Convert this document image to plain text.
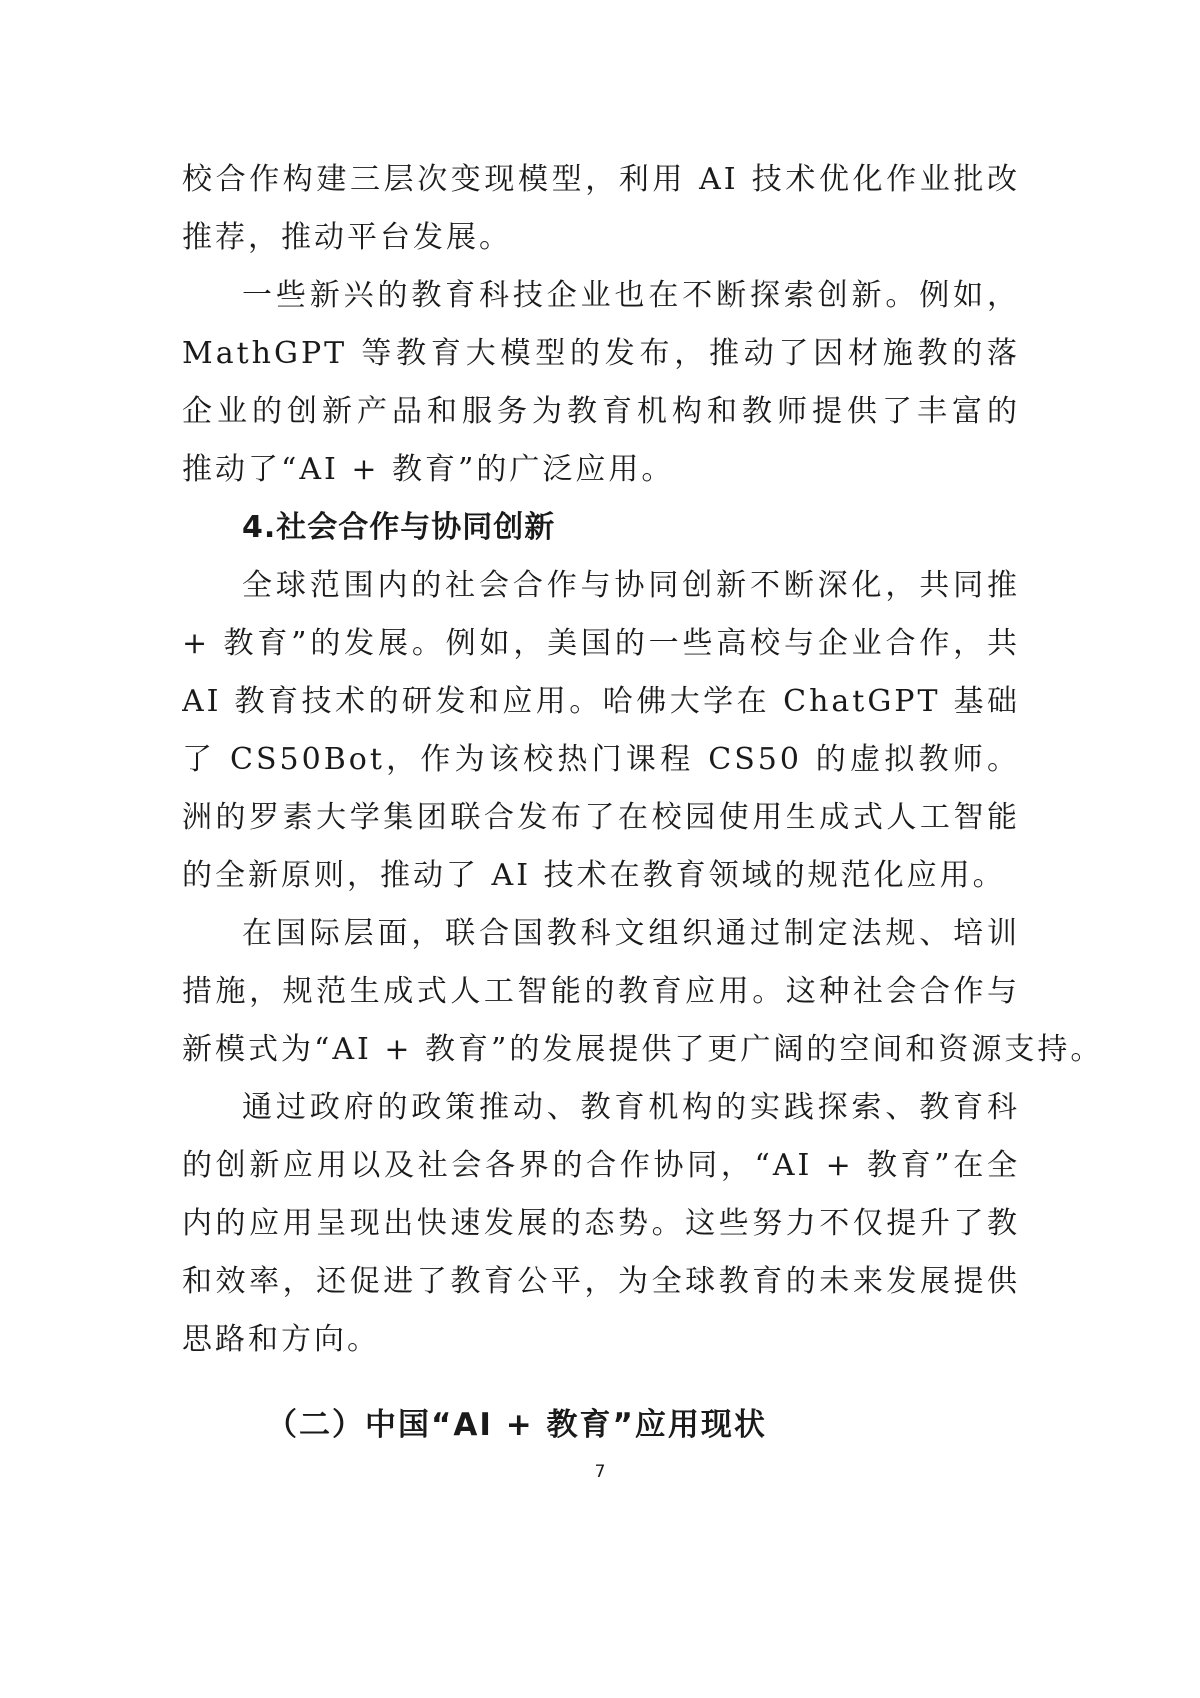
校合作构建三层次变现模型，利用 AI 技术优化作业批改
推荐，推动平台发展。
一些新兴的教育科技企业也在不断探索创新。例如，
MathGPT 等教育大模型的发布，推动了因材施教的落
企业的创新产品和服务为教育机构和教师提供了丰富的
推动了“AI + 教育”的广泛应用。
4.社会合作与协同创新
全球范围内的社会合作与协同创新不断深化，共同推
+ 教育”的发展。例如，美国的一些高校与企业合作，共
AI 教育技术的研发和应用。哈佛大学在 ChatGPT 基础
了 CS50Bot，作为该校热门课程 CS50 的虚拟教师。
洲的罗素大学集团联合发布了在校园使用生成式人工智能
的全新原则，推动了 AI 技术在教育领域的规范化应用。
在国际层面，联合国教科文组织通过制定法规、培训
措施，规范生成式人工智能的教育应用。这种社会合作与
新模式为“AI + 教育”的发展提供了更广阔的空间和资源支持。
通过政府的政策推动、教育机构的实践探索、教育科
的创新应用以及社会各界的合作协同，“AI + 教育”在全
内的应用呈现出快速发展的态势。这些努力不仅提升了教
和效率，还促进了教育公平，为全球教育的未来发展提供
思路和方向。
（二）中国“AI + 教育”应用现状
7
